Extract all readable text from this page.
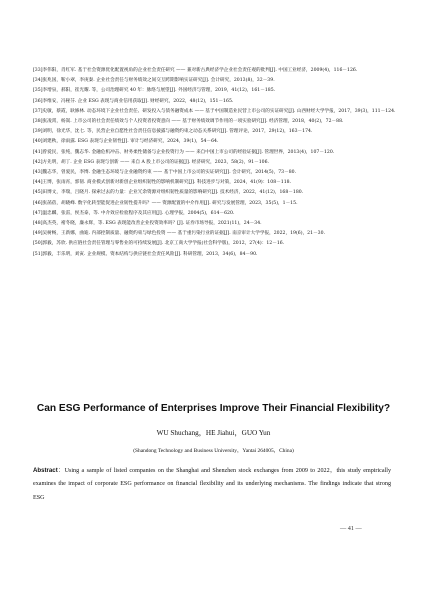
[33]李伟阳，肖红军. 基于社会资源优化配置视角的企业社会责任研究 —— 兼对新古典经济学企业社会责任观的批判[J]. 中国工业经济，2009(4)，116－126.
[34]张兆国，靳小翠，李庚秦. 企业社会责任与财务绩效之间交互跨期影响实证研究[J]. 会计研究，2013(8)，32－39.
[35]李增泉，郝阳，崔光耀. 等，公司治理研究 40 年：脉络与展望[J]. 外国经济与管理，2019，41(12)，161－185.
[36]李维安，冯秘芬. 企业 ESG 表现与商业信用获取[J]. 财经研究，2022，48(12)，151－165.
[37]史敏，蔡霞，耿修林. 动态环境下企业社会责任、研发投入与债务融资成本 —— 基于中国制造业民营上市公司的实证研究[J]. 山西财经大学学报，2017，39(3)，111－124.
[38]张凌霄，杨嵩. 上市公司的社会责任绩效与个人投资者投资意向 —— 基于财务绩效调节作用的一项实验研究[J]. 经济管理，2018，40(2)，72－88.
[39]刘明，徐光华，沈七. 等，民营企业自愿性社会责任信息披露与融资约束之动态关系研究[J]. 管理评论，2017，29(12)，163－174.
[40]刘建秋，徐雨露. ESG 表现与企业韧性[J]. 审计与经济研究，2024，39(1)，54－64.
[41]曾爱民，张纯，魏志华. 金融危机冲击、财务柔性储备与企业投资行为 —— 来自中国上市公司的经验证据[J]. 管理世界，2013(4)，107－120.
[42]方先明，胡丁. 企业 ESG 表现与创新 —— 来自 A 股上市公司的证据[J]. 经济研究，2023，58(2)，91－106.
[43]魏志华，曾爱民，李博. 金融生态环境与企业融资约束 —— 基于中国上市公司的实证研究[J]. 会计研究，2014(5)，73－80.
[44]王博，张雨宵，郭韧. 商业模式创新对新创企业组织韧性的影响机制研究[J]. 科技进步与对策，2024，41(9)：108－118.
[45]田博文，李瑞，吕晓月. 探索过去的力量：企业冗余资源对组织韧性质量的影响研究[J]. 技术经济，2022，41(12)，168－180.
[46]张菡蓓，胡晓峰. 数字化转型能促进企业韧性提升吗？—— 资源配置的中介作用[J]. 研究与发展管理，2023，35(5)，1－15.
[47]温忠麟，张雷，侯杰泰，等. 中介效应检验程序及其应用[J]. 心理学报，2004(5)，614－620.
[48]高杰英，褚冬晓，廉永辉，等. ESG 表现能改善企业投资效率吗？[J]. 证券市场导报，2021(11)，24－34.
[49]吴树畅，王新娜，曲迪. 内部控制质量、融资约束与绿色投资 —— 基于重污染行业的证据[J]. 南京审计大学学报，2022，19(6)，21－30.
[50]郭毅，苏欣. 供应链社会责任管理与零售业的可持续发展[J]. 北京工商大学学报(社会科学版)，2012，27(4)：12－16.
[51]郭毅，丰乐明，刘寅. 企业规模、资本结构与供应链社会责任风险[J]. 科研管理，2013，34(6)，84－90.
Can ESG Performance of Enterprises Improve Their Financial Flexibility?
WU Shuchang，HE Jiahui，GUO Yun
(Shandong Technology and Business University，Yantai 264005，China)
Abstract：Using a sample of listed companies on the Shanghai and Shenzhen stock exchanges from 2009 to 2022，this study empirically examines the impact of corporate ESG performance on financial flexibility and its underlying mechanisms. The findings indicate that strong ESG
— 41 —
